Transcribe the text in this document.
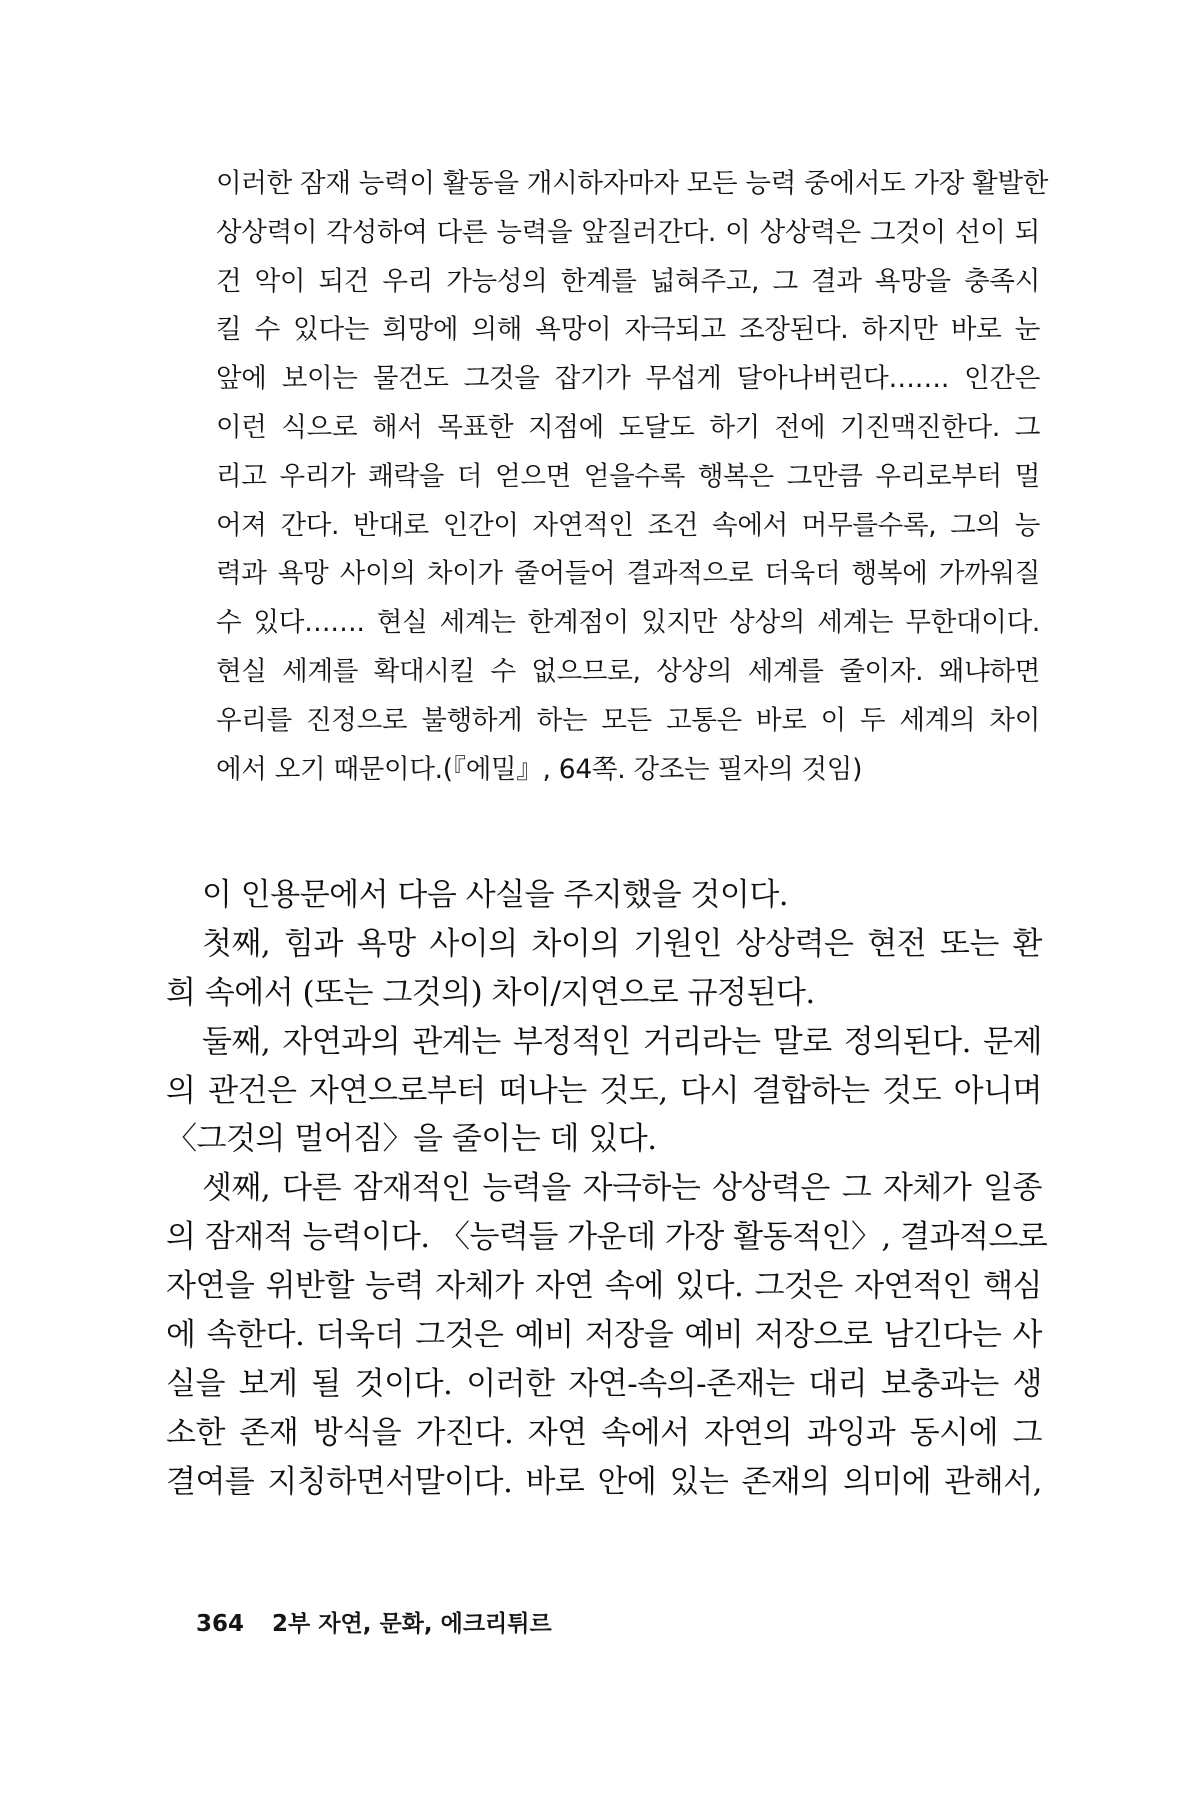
이러한 잠재 능력이 활동을 개시하자마자 모든 능력 중에서도 가장 활발한
상상력이 각성하여 다른 능력을 앞질러간다. 이 상상력은 그것이 선이 되
건 악이 되건 우리 가능성의 한계를 넓혀주고, 그 결과 욕망을 충족시
킬 수 있다는 희망에 의해 욕망이 자극되고 조장된다. 하지만 바로 눈
앞에 보이는 물건도 그것을 잡기가 무섭게 달아나버린다……. 인간은
이런 식으로 해서 목표한 지점에 도달도 하기 전에 기진맥진한다. 그
리고 우리가 쾌락을 더 얻으면 얻을수록 행복은 그만큼 우리로부터 멀
어져 간다. 반대로 인간이 자연적인 조건 속에서 머무를수록, 그의 능
력과 욕망 사이의 차이가 줄어들어 결과적으로 더욱더 행복에 가까워질
수 있다……. 현실 세계는 한계점이 있지만 상상의 세계는 무한대이다.
현실 세계를 확대시킬 수 없으므로, 상상의 세계를 줄이자. 왜냐하면
우리를 진정으로 불행하게 하는 모든 고통은 바로 이 두 세계의 차이
에서 오기 때문이다.(『에밀』, 64쪽. 강조는 필자의 것임)
이 인용문에서 다음 사실을 주지했을 것이다.
첫째, 힘과 욕망 사이의 차이의 기원인 상상력은 현전 또는 환
희 속에서 (또는 그것의) 차이/지연으로 규정된다.
둘째, 자연과의 관계는 부정적인 거리라는 말로 정의된다. 문제
의 관건은 자연으로부터 떠나는 것도, 다시 결합하는 것도 아니며
〈그것의 멀어짐〉을 줄이는 데 있다.
셋째, 다른 잠재적인 능력을 자극하는 상상력은 그 자체가 일종
의 잠재적 능력이다. 〈능력들 가운데 가장 활동적인〉, 결과적으로
자연을 위반할 능력 자체가 자연 속에 있다. 그것은 자연적인 핵심
에 속한다. 더욱더 그것은 예비 저장을 예비 저장으로 남긴다는 사
실을 보게 될 것이다. 이러한 자연-속의-존재는 대리 보충과는 생
소한 존재 방식을 가진다. 자연 속에서 자연의 과잉과 동시에 그
결여를 지칭하면서말이다. 바로 안에 있는 존재의 의미에 관해서,
364 2부 자연, 문화, 에크리튀르
